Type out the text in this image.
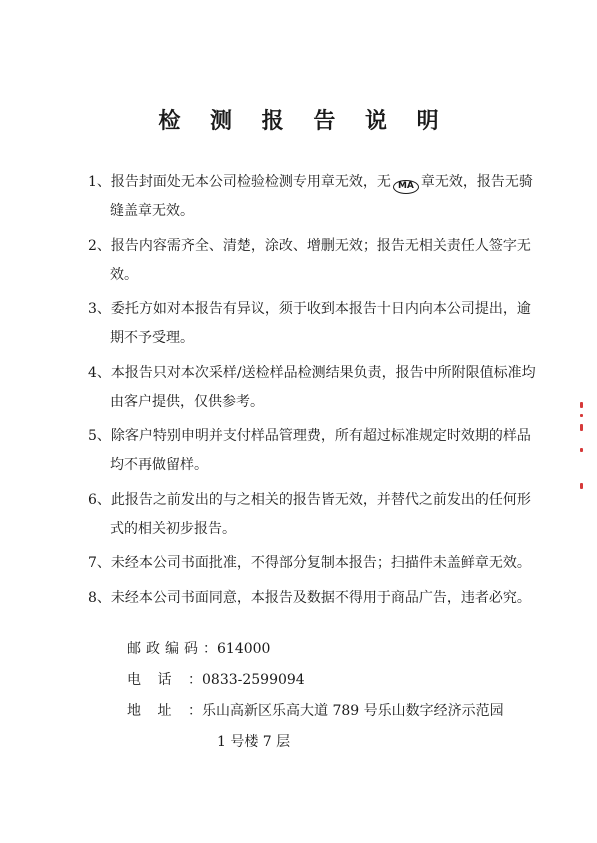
检 测 报 告 说 明
1、报告封面处无本公司检验检测专用章无效，无 MA 章无效，报告无骑缝盖章无效。
2、报告内容需齐全、清楚，涂改、增删无效；报告无相关责任人签字无效。
3、委托方如对本报告有异议，须于收到本报告十日内向本公司提出，逾期不予受理。
4、本报告只对本次采样/送检样品检测结果负责，报告中所附限值标准均由客户提供，仅供参考。
5、除客户特别申明并支付样品管理费，所有超过标准规定时效期的样品均不再做留样。
6、此报告之前发出的与之相关的报告皆无效，并替代之前发出的任何形式的相关初步报告。
7、未经本公司书面批准，不得部分复制本报告；扫描件未盖鲜章无效。
8、未经本公司书面同意，本报告及数据不得用于商品广告，违者必究。
邮政编码：614000
电话：0833-2599094
地址：乐山高新区乐高大道 789 号乐山数字经济示范园
1 号楼 7 层
